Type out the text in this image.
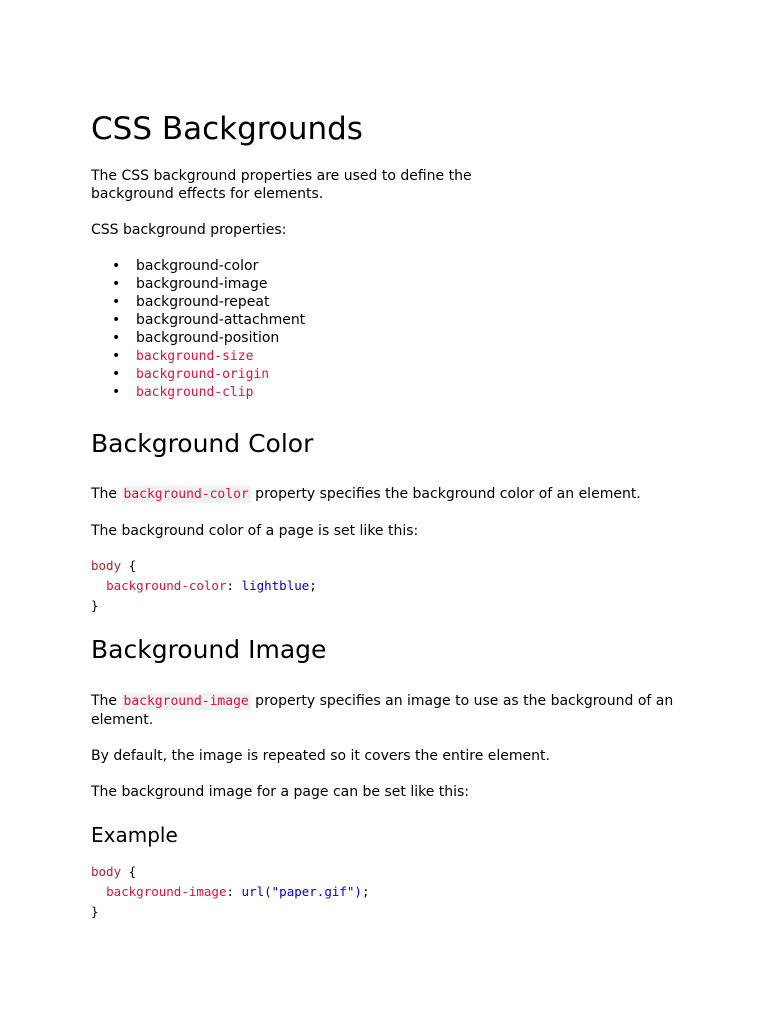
CSS Backgrounds

The CSS background properties are used to define the background effects for elements.

CSS background properties:

• background-color
• background-image
• background-repeat
• background-attachment
• background-position
• background-size
• background-origin
• background-clip
Background Color

The background-color property specifies the background color of an element.

The background color of a page is set like this:

body {
background-color: lightblue;
}
Background Image

The background-image property specifies an image to use as the background of an element.

By default, the image is repeated so it covers the entire element.

The background image for a page can be set like this:

Example
body {
background-image: url("paper.gif");
}
